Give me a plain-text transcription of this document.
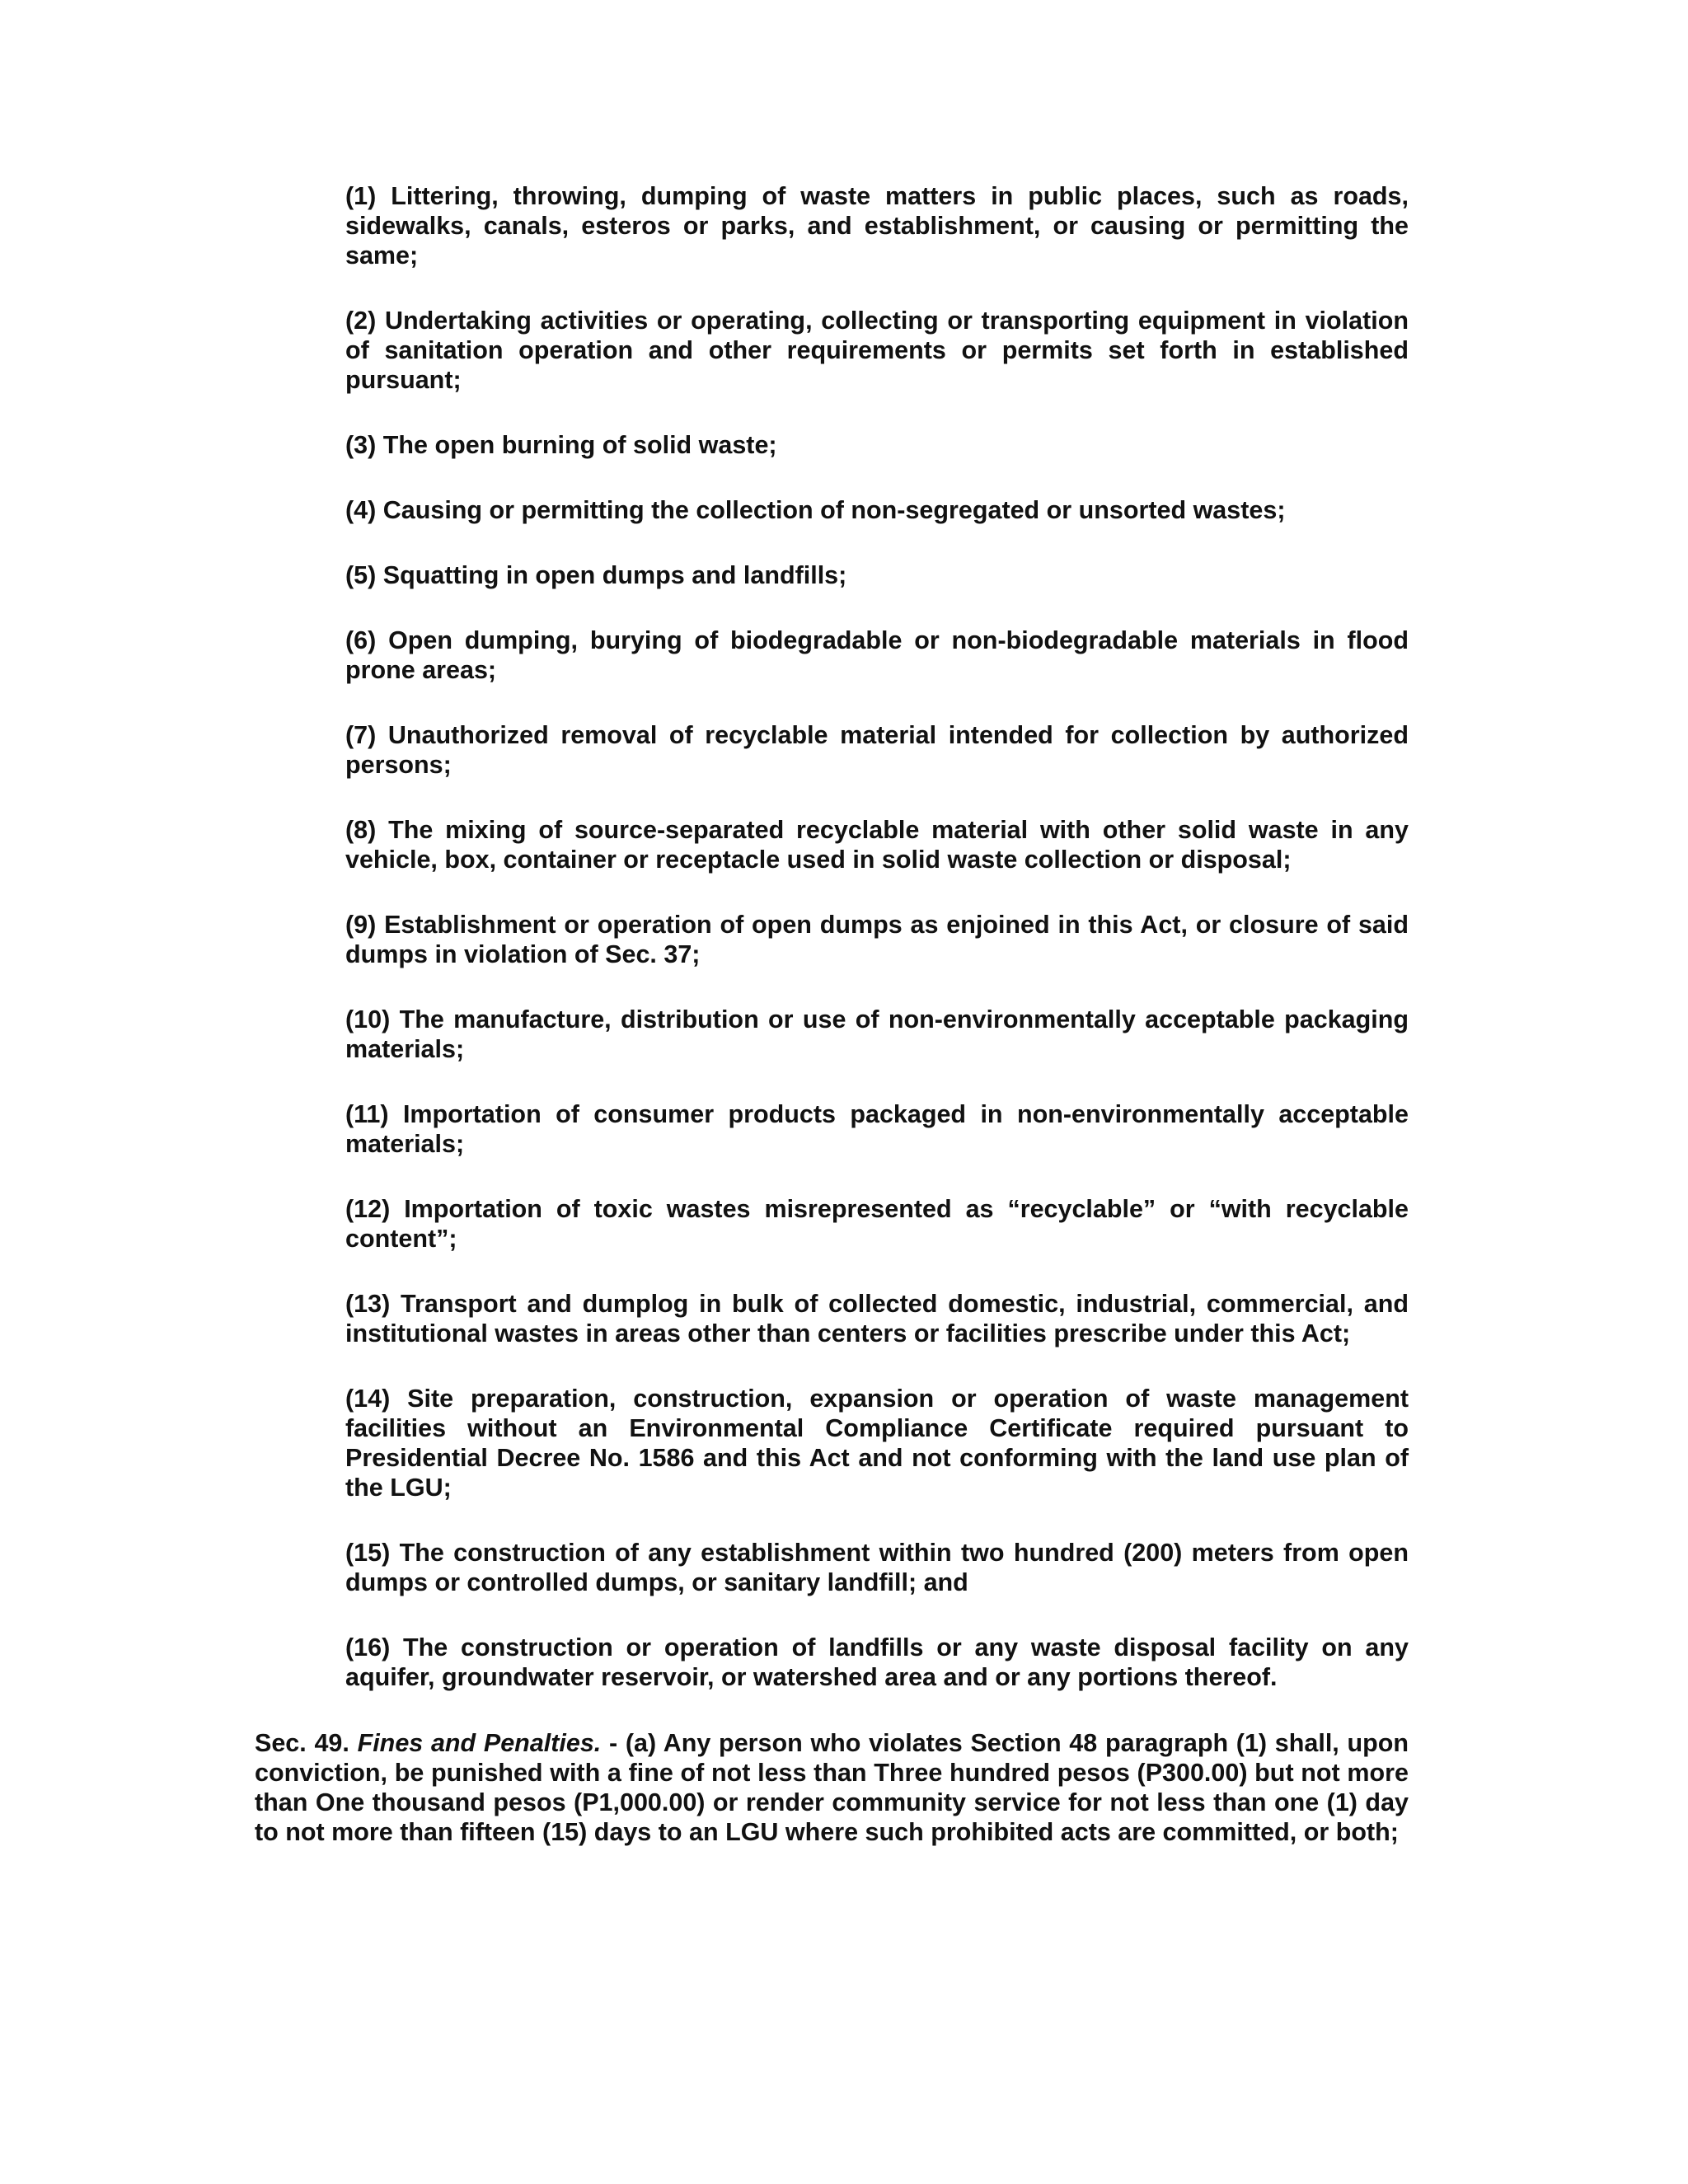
(1) Littering, throwing, dumping of waste matters in public places, such as roads, sidewalks, canals, esteros or parks, and establishment, or causing or permitting the same;

(2) Undertaking activities or operating, collecting or transporting equipment in violation of sanitation operation and other requirements or permits set forth in established pursuant;

(3) The open burning of solid waste;

(4) Causing or permitting the collection of non-segregated or unsorted wastes;

(5) Squatting in open dumps and landfills;

(6) Open dumping, burying of biodegradable or non-biodegradable materials in flood prone areas;

(7) Unauthorized removal of recyclable material intended for collection by authorized persons;

(8) The mixing of source-separated recyclable material with other solid waste in any vehicle, box, container or receptacle used in solid waste collection or disposal;

(9) Establishment or operation of open dumps as enjoined in this Act, or closure of said dumps in violation of Sec. 37;

(10) The manufacture, distribution or use of non-environmentally acceptable packaging materials;

(11) Importation of consumer products packaged in non-environmentally acceptable materials;

(12) Importation of toxic wastes misrepresented as “recyclable” or “with recyclable content”;

(13) Transport and dumplog in bulk of collected domestic, industrial, commercial, and institutional wastes in areas other than centers or facilities prescribe under this Act;

(14) Site preparation, construction, expansion or operation of waste management facilities without an Environmental Compliance Certificate required pursuant to Presidential Decree No. 1586 and this Act and not conforming with the land use plan of the LGU;

(15) The construction of any establishment within two hundred (200) meters from open dumps or controlled dumps, or sanitary landfill; and

(16) The construction or operation of landfills or any waste disposal facility on any aquifer, groundwater reservoir, or watershed area and or any portions thereof.

Sec. 49. Fines and Penalties. - (a) Any person who violates Section 48 paragraph (1) shall, upon conviction, be punished with a fine of not less than Three hundred pesos (P300.00) but not more than One thousand pesos (P1,000.00) or render community service for not less than one (1) day to not more than fifteen (15) days to an LGU where such prohibited acts are committed, or both;
